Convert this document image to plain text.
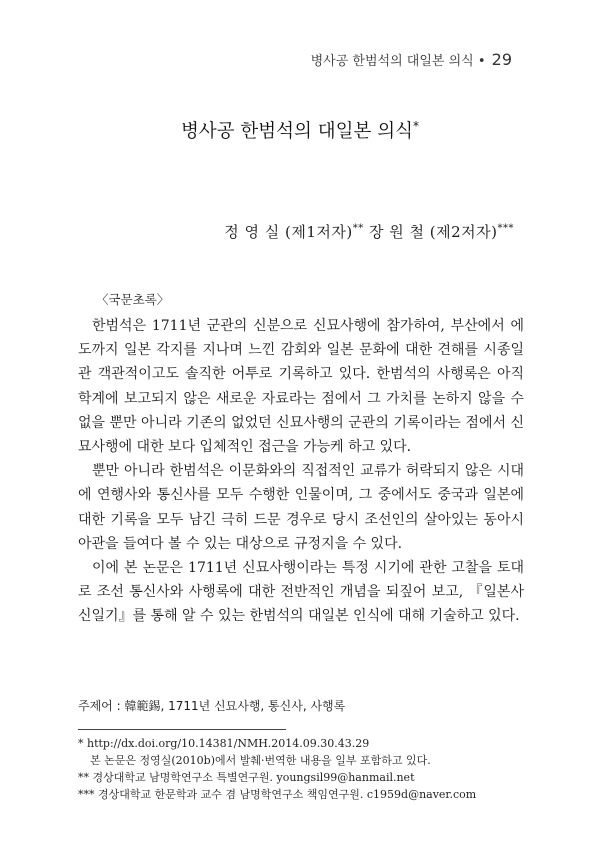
병사공 한범석의 대일본 의식 • 29
병사공 한범석의 대일본 의식*
정 영 실 (제1저자)** 장 원 철 (제2저자)***
〈국문초록〉

한범석은 1711년 군관의 신분으로 신묘사행에 참가하여, 부산에서 에도까지 일본 각지를 지나며 느낀 감회와 일본 문화에 대한 견해를 시종일관 객관적이고도 솔직한 어투로 기록하고 있다. 한범석의 사행록은 아직 학계에 보고되지 않은 새로운 자료라는 점에서 그 가치를 논하지 않을 수 없을 뿐만 아니라 기존의 없었던 신묘사행의 군관의 기록이라는 점에서 신묘사행에 대한 보다 입체적인 접근을 가능케 하고 있다.

뿐만 아니라 한범석은 이문화와의 직접적인 교류가 허락되지 않은 시대에 연행사와 통신사를 모두 수행한 인물이며, 그 중에서도 중국과 일본에 대한 기록을 모두 남긴 극히 드문 경우로 당시 조선인의 살아있는 동아시아관을 들여다 볼 수 있는 대상으로 규정지을 수 있다.

이에 본 논문은 1711년 신묘사행이라는 특정 시기에 관한 고찰을 토대로 조선 통신사와 사행록에 대한 전반적인 개념을 되짚어 보고, 『일본사신일기』를 통해 알 수 있는 한범석의 대일본 인식에 대해 기술하고 있다.

주제어 : 韓範錫, 1711년 신묘사행, 통신사, 사행록
* http://dx.doi.org/10.14381/NMH.2014.09.30.43.29
본 논문은 정영실(2010b)에서 발췌·번역한 내용을 일부 포함하고 있다.
** 경상대학교 남명학연구소 특별연구원. youngsil99@hanmail.net
*** 경상대학교 한문학과 교수 겸 남명학연구소 책임연구원. c1959d@naver.com
